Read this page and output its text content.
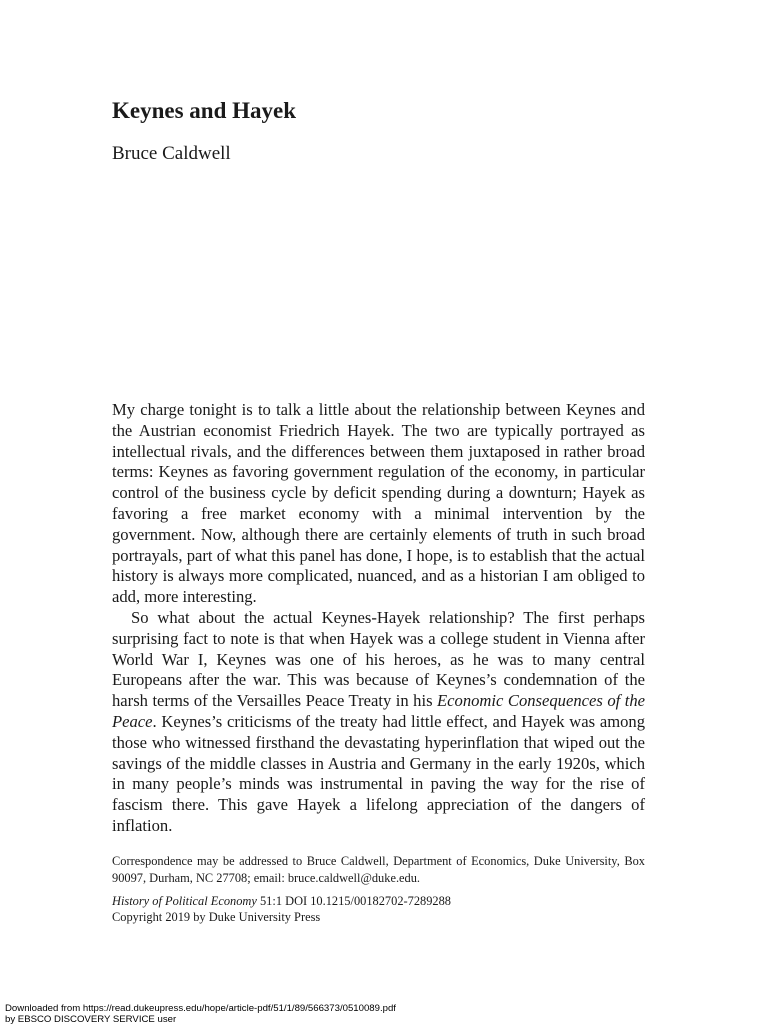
Keynes and Hayek
Bruce Caldwell

My charge tonight is to talk a little about the relationship between Keynes and the Austrian economist Friedrich Hayek. The two are typically portrayed as intellectual rivals, and the differences between them juxtaposed in rather broad terms: Keynes as favoring government regulation of the economy, in particular control of the business cycle by deficit spending during a downturn; Hayek as favoring a free market economy with a minimal intervention by the government. Now, although there are certainly elements of truth in such broad portrayals, part of what this panel has done, I hope, is to establish that the actual history is always more complicated, nuanced, and as a historian I am obliged to add, more interesting.

So what about the actual Keynes-Hayek relationship? The first perhaps surprising fact to note is that when Hayek was a college student in Vienna after World War I, Keynes was one of his heroes, as he was to many central Europeans after the war. This was because of Keynes’s condemnation of the harsh terms of the Versailles Peace Treaty in his Economic Consequences of the Peace. Keynes’s criticisms of the treaty had little effect, and Hayek was among those who witnessed firsthand the devastating hyperinflation that wiped out the savings of the middle classes in Austria and Germany in the early 1920s, which in many people’s minds was instrumental in paving the way for the rise of fascism there. This gave Hayek a lifelong appreciation of the dangers of inflation.

Correspondence may be addressed to Bruce Caldwell, Department of Economics, Duke University, Box 90097, Durham, NC 27708; email: bruce.caldwell@duke.edu.

History of Political Economy 51:1 DOI 10.1215/00182702-7289288
Copyright 2019 by Duke University Press
Downloaded from https://read.dukeupress.edu/hope/article-pdf/51/1/89/566373/0510089.pdf
by EBSCO DISCOVERY SERVICE user
